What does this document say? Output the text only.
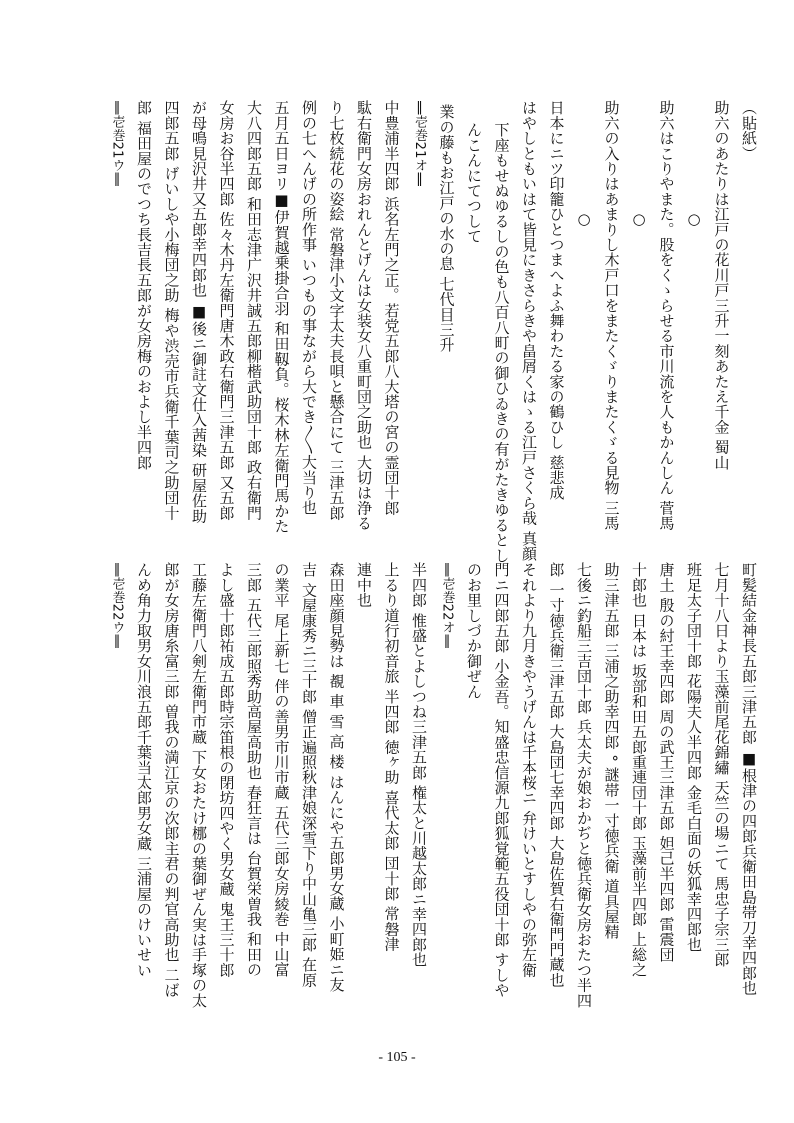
町髪結金神長五郎三津五郎 ■根津の四郎兵衛田島帯刀幸四郎也
七月十八日より玉藻前尾花錦繡 天竺の場ニて 馬忠子宗三郎
班足太子団十郎 花陽夫人半四郎 金毛白面の妖狐幸四郎也
唐土 殷の紂王幸四郎 周の武王三津五郎 妲己半四郎 雷震団
十郎也 日本は 坂部和田五郎重連団十郎 玉藻前半四郎 上総之
助三津五郎 三浦之助幸四郎 ° 謎帯一寸徳兵衛 道具屋精
七後ニ釣船三吉団十郎 兵太夫が娘おかぢと徳兵衛女房おたつ半四
郎 一寸徳兵衛三津五郎 大島団七幸四郎 大島佐賀右衛門門蔵也
それより九月きやうげんは千本桜ニ 弁けいとすしやの弥左衛
門ニ四郎五郎 小金吾。知盛忠信源九郎狐覚範五役団十郎 すしや
のお里しづか御ぜん
‖壱巻22オ‖
半四郎 惟盛とよしつね三津五郎 権太と川越太郎ニ幸四郎也
上るり道行初音旅 半四郎 徳ヶ助 喜代太郎 団十郎 常磐津
連中也
森田座顔見勢は 覩 車 雪 高 楼 はんにや五郎男女蔵 小町姫ニ友
吉 文屋康秀ニ三十郎 僧正遍照秋津娘深雪下り中山亀三郎 在原
の業平 尾上新七 伴の善男市川市蔵 五代三郎女房綾巻 中山富
三郎 五代三郎照秀助高屋高助也 春狂言は 台賀栄曽我 和田の
よし盛十郎祐成五郎時宗笛根の閉坊四やく男女蔵 鬼王三十郎
工藤左衛門八剣左衛門市蔵 下女おたけ梛の葉御ぜん実は手塚の太
郎が女房唐糸富三郎 曽我の満江京の次郎主君の判官高助也 二ば
んめ角力取男女川浪五郎千葉当太郎男女蔵 三浦屋のけいせい
‖壱巻22ウ‖
（貼紙）
助六のあたりは江戸の花川戸三升一刻あたえ千金 蜀山
○
助六はこりやまた。股をくゝらせる市川流を人もかんしん 菅馬
○
助六の入りはあまりし木戸口をまたくゞりまたくゞる見物 三馬
○
日本にニツ印籠ひとつまへよふ舞わたる家の鶴ひし 慈悲成
はやしともいはて皆見にきさらきや畠屑くはゝる江戸さくら哉 真顔
下座もせぬゆるしの色も八百八町の御ひゐきの有がたきゆるとし
んこんにてつして
業の藤もお江戸の水の息 七代目三升
‖壱巻21オ‖
中豊浦半四郎 浜名左門之正。若党五郎八大塔の宮の霊団十郎
駄右衛門女房おれんとげんは女装女八重町団之助也 大切は浄る
り七枚続花の姿絵 常磐津小文字太夫長唄と懸合にて 三津五郎
例の七へんげの所作事 いつもの事ながら大でき〳〵大当り也
五月五日ヨリ■伊賀越乗掛合羽 和田靱負。桜木林左衛門馬かた
大八四郎五郎 和田志津广沢井誠五郎柳楷武助団十郎 政右衛門
女房お谷半四郎 佐々木丹左衛門唐木政右衛門三津五郎 又五郎
が母鳴見沢井又五郎幸四郎也 ■後ニ御註文仕入茜染 研屋佐助
四郎五郎 げいしや小梅団之助 梅や渋売市兵衛千葉司之助団十
郎 福田屋のでつち長吉長五郎が女房梅のおよし半四郎
‖壱巻21ウ‖
- 105 -
